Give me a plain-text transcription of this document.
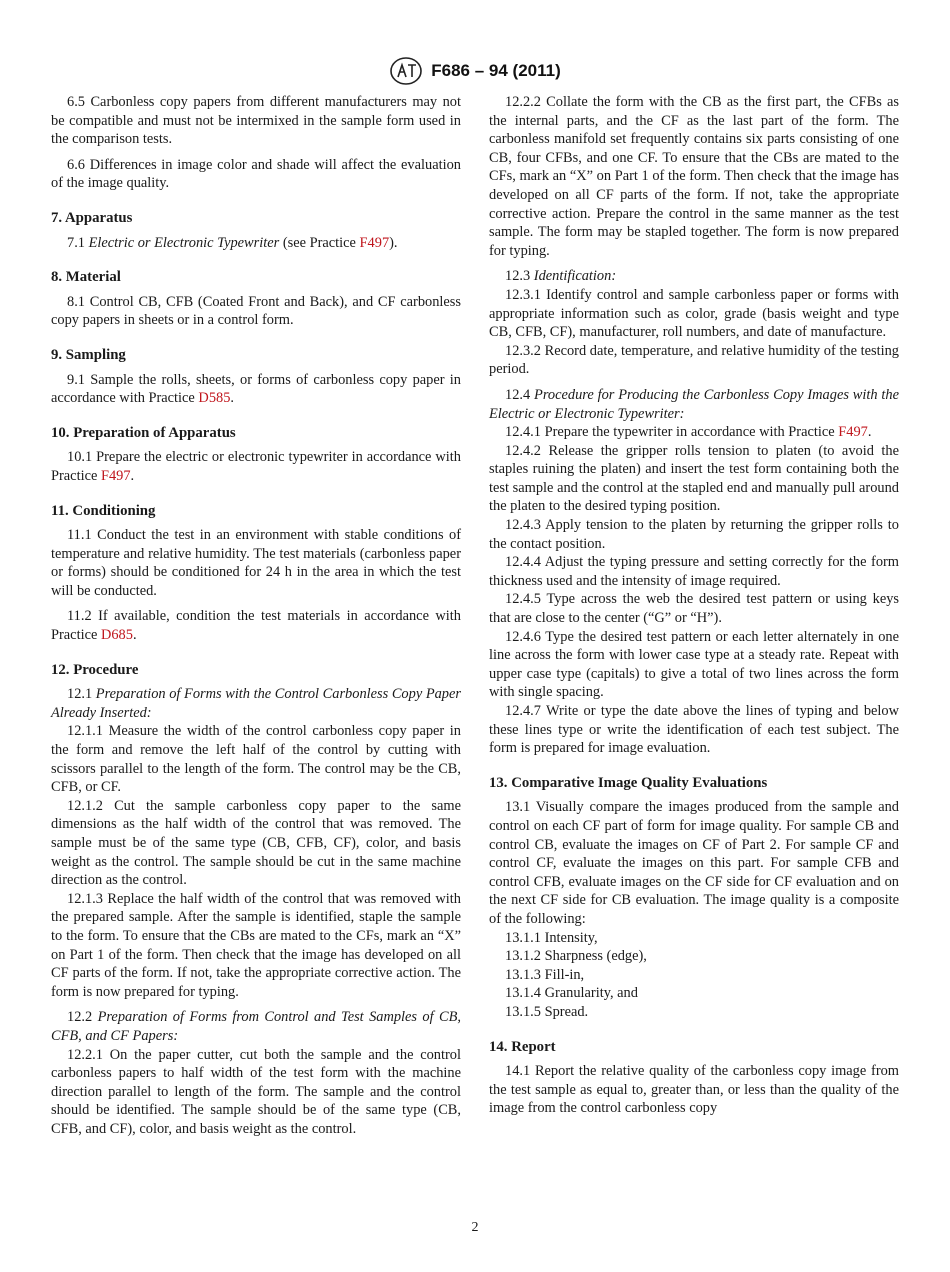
F686 – 94 (2011)

6.5 Carbonless copy papers from different manufacturers may not be compatible and must not be intermixed in the sample form used in the comparison tests.

6.6 Differences in image color and shade will affect the evaluation of the image quality.

7. Apparatus

7.1 Electric or Electronic Typewriter (see Practice F497).

8. Material

8.1 Control CB, CFB (Coated Front and Back), and CF carbonless copy papers in sheets or in a control form.

9. Sampling

9.1 Sample the rolls, sheets, or forms of carbonless copy paper in accordance with Practice D585.

10. Preparation of Apparatus

10.1 Prepare the electric or electronic typewriter in accordance with Practice F497.

11. Conditioning

11.1 Conduct the test in an environment with stable conditions of temperature and relative humidity. The test materials (carbonless paper or forms) should be conditioned for 24 h in the area in which the test will be conducted.

11.2 If available, condition the test materials in accordance with Practice D685.

12. Procedure

12.1 Preparation of Forms with the Control Carbonless Copy Paper Already Inserted:

12.1.1 Measure the width of the control carbonless copy paper in the form and remove the left half of the control by cutting with scissors parallel to the length of the form. The control may be the CB, CFB, or CF.

12.1.2 Cut the sample carbonless copy paper to the same dimensions as the half width of the control that was removed. The sample must be of the same type (CB, CFB, CF), color, and basis weight as the control. The sample should be cut in the same machine direction as the control.

12.1.3 Replace the half width of the control that was removed with the prepared sample. After the sample is identified, staple the sample to the form. To ensure that the CBs are mated to the CFs, mark an “X” on Part 1 of the form. Then check that the image has developed on all CF parts of the form. If not, take the appropriate corrective action. The form is now prepared for typing.

12.2 Preparation of Forms from Control and Test Samples of CB, CFB, and CF Papers:

12.2.1 On the paper cutter, cut both the sample and the control carbonless papers to half width of the test form with the machine direction parallel to length of the form. The sample and the control should be identified. The sample should be of the same type (CB, CFB, and CF), color, and basis weight as the control.

12.2.2 Collate the form with the CB as the first part, the CFBs as the internal parts, and the CF as the last part of the form. The carbonless manifold set frequently contains six parts consisting of one CB, four CFBs, and one CF. To ensure that the CBs are mated to the CFs, mark an “X” on Part 1 of the form. Then check that the image has developed on all CF parts of the form. If not, take the appropriate corrective action. Prepare the control in the same manner as the test sample. The form may be stapled together. The form is now prepared for typing.

12.3 Identification:

12.3.1 Identify control and sample carbonless paper or forms with appropriate information such as color, grade (basis weight and type CB, CFB, CF), manufacturer, roll numbers, and date of manufacture.

12.3.2 Record date, temperature, and relative humidity of the testing period.

12.4 Procedure for Producing the Carbonless Copy Images with the Electric or Electronic Typewriter:

12.4.1 Prepare the typewriter in accordance with Practice F497.

12.4.2 Release the gripper rolls tension to platen (to avoid the staples ruining the platen) and insert the test form containing both the test sample and the control at the stapled end and manually pull around the platen to the desired typing position.

12.4.3 Apply tension to the platen by returning the gripper rolls to the contact position.

12.4.4 Adjust the typing pressure and setting correctly for the form thickness used and the intensity of image required.

12.4.5 Type across the web the desired test pattern or using keys that are close to the center (“G” or “H”).

12.4.6 Type the desired test pattern or each letter alternately in one line across the form with lower case type at a steady rate. Repeat with upper case type (capitals) to give a total of two lines across the form with single spacing.

12.4.7 Write or type the date above the lines of typing and below these lines type or write the identification of each test subject. The form is prepared for image evaluation.

13. Comparative Image Quality Evaluations

13.1 Visually compare the images produced from the sample and control on each CF part of form for image quality. For sample CB and control CB, evaluate the images on CF of Part 2. For sample CF and control CF, evaluate the images on this part. For sample CFB and control CFB, evaluate images on the CF side for CF evaluation and on the next CF side for CB evaluation. The image quality is a composite of the following:

13.1.1 Intensity,

13.1.2 Sharpness (edge),

13.1.3 Fill-in,

13.1.4 Granularity, and

13.1.5 Spread.

14. Report

14.1 Report the relative quality of the carbonless copy image from the test sample as equal to, greater than, or less than the quality of the image from the control carbonless copy

2
